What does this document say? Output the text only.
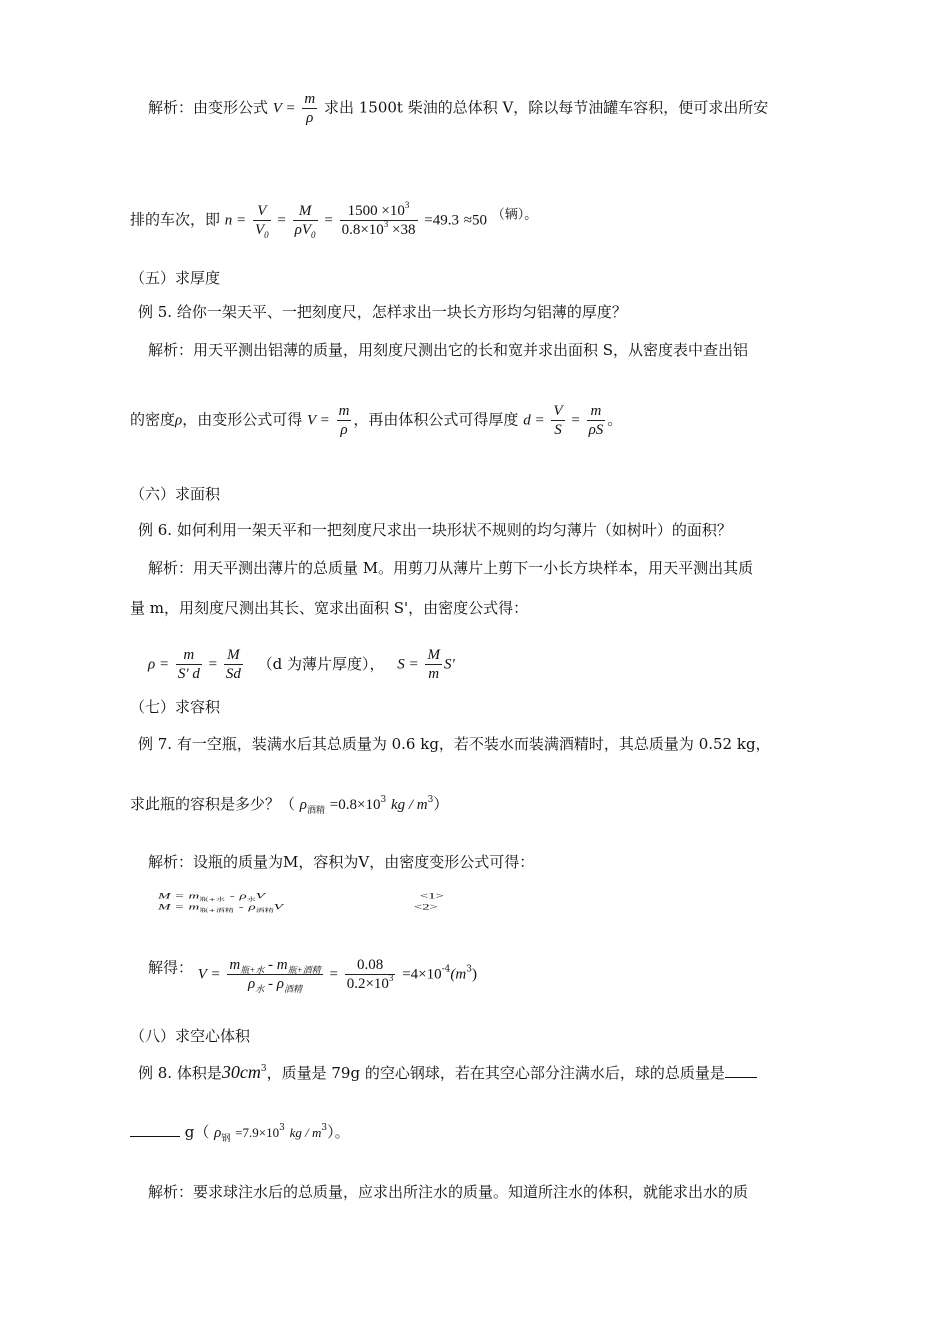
解析：由变形公式 $V = \frac{m}{\rho}$ 求出 1500t 柴油的总体积 V，除以每节油罐车容积，便可求出所安
排的车次，即 $n = \frac{V}{V_0} = \frac{M}{\rho V_0} = \frac{1500 \times 10^3}{0.8\times 10^3 \times 38} =49.3 \approx 50$ （辆）。
（五）求厚度
例 5. 给你一架天平、一把刻度尺，怎样求出一块长方形均匀铝薄的厚度？
解析：用天平测出铝薄的质量，用刻度尺测出它的长和宽并求出面积 S，从密度表中查出铝
的密度ρ，由变形公式可得 $V = \frac{m}{\rho}$ ，再由体积公式可得厚度 $d = \frac{V}{S} = \frac{m}{\rho S}$ 。
（六）求面积
例 6. 如何利用一架天平和一把刻度尺求出一块形状不规则的均匀薄片（如树叶）的面积？
解析：用天平测出薄片的总质量 M。用剪刀从薄片上剪下一小长方块样本，用天平测出其质
量 m，用刻度尺测出其长、宽求出面积 S'，由密度公式得：
$\rho = \frac{m}{S' d} = \frac{M}{Sd} (d$ 为薄片厚度）， $S = \frac{M}{m} S'$
（七）求容积
例 7. 有一空瓶，装满水后其总质量为 0.6 kg，若不装水而装满酒精时，其总质量为 0.52 kg，
求此瓶的容积是多少？（ $\rho_{酒精} =0.8\times 10^3$ kg / $m^3$）
解析：设瓶的质量为M，容积为V，由密度变形公式可得：
$M = m_{瓶+水} - \rho_水V$	<1>
$M = m_{瓶+酒精} - \rho_{酒精}V$	<2>
解得： $V = \frac{m_{瓶+水} - m_{瓶+酒精}}{\rho_水 - \rho_{酒精}} = \frac{0.08}{0.2\times 10^3} =4\times 10^{-4}(m^3)$
（八）求空心体积
例 8. 体积是$30cm^3$，质量是 79g 的空心钢球，若在其空心部分注满水后，球的总质量是
g（ $\rho_钢 =7.9\times 10^3$ kg / $m^3$）。
解析：要求球注水后的总质量，应求出所注水的质量。知道所注水的体积，就能求出水的质
